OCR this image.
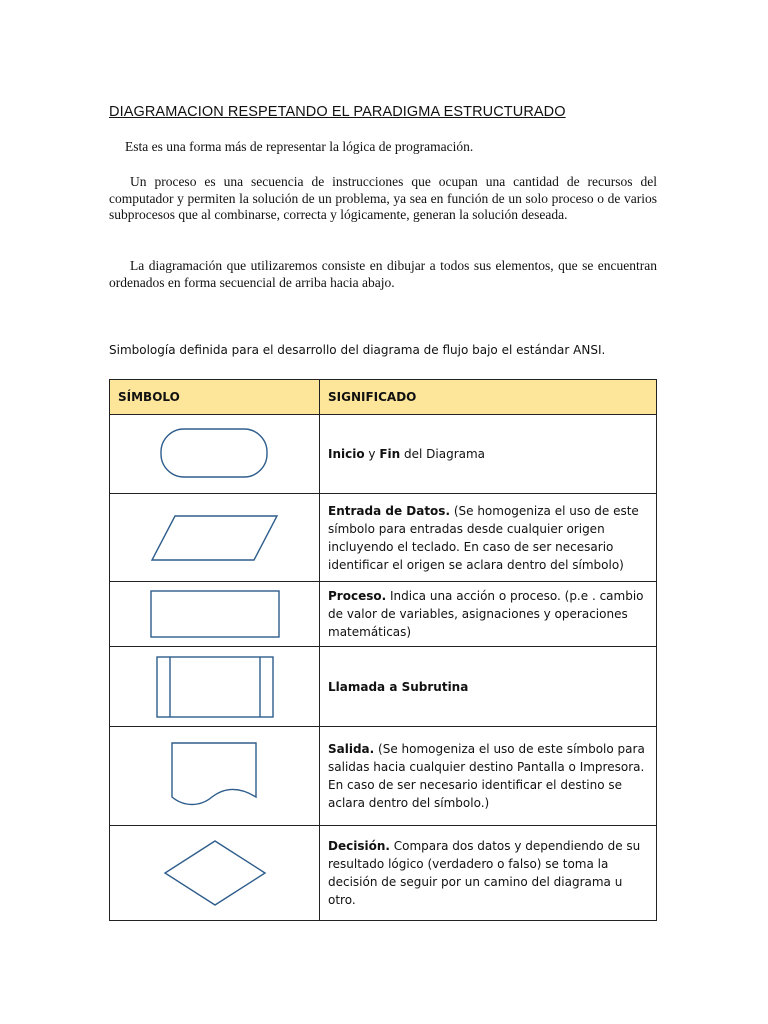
DIAGRAMACION RESPETANDO EL PARADIGMA ESTRUCTURADO

Esta es una forma más de representar la lógica de programación.

Un proceso es una secuencia de instrucciones que ocupan una cantidad de recursos del computador y permiten la solución de un problema, ya sea en función de un solo proceso o de varios subprocesos que al combinarse, correcta y lógicamente, generan la solución deseada.

La diagramación que utilizaremos consiste en dibujar a todos sus elementos, que se encuentran ordenados en forma secuencial de arriba hacia abajo.

Simbología definida para el desarrollo del diagrama de flujo bajo el estándar ANSI.

SÍMBOLO	SIGNIFICADO

	Inicio y Fin del Diagrama

	Entrada de Datos. (Se homogeniza el uso de este símbolo para entradas desde cualquier origen incluyendo el teclado. En caso de ser necesario identificar el origen se aclara dentro del símbolo)

	Proceso. Indica una acción o proceso. (p.e . cambio de valor de variables, asignaciones y operaciones matemáticas)

	Llamada a Subrutina

	Salida. (Se homogeniza el uso de este símbolo para salidas hacia cualquier destino Pantalla o Impresora. En caso de ser necesario identificar el destino se aclara dentro del símbolo.)

	Decisión. Compara dos datos y dependiendo de su resultado lógico (verdadero o falso) se toma la decisión de seguir por un camino del diagrama u otro.
